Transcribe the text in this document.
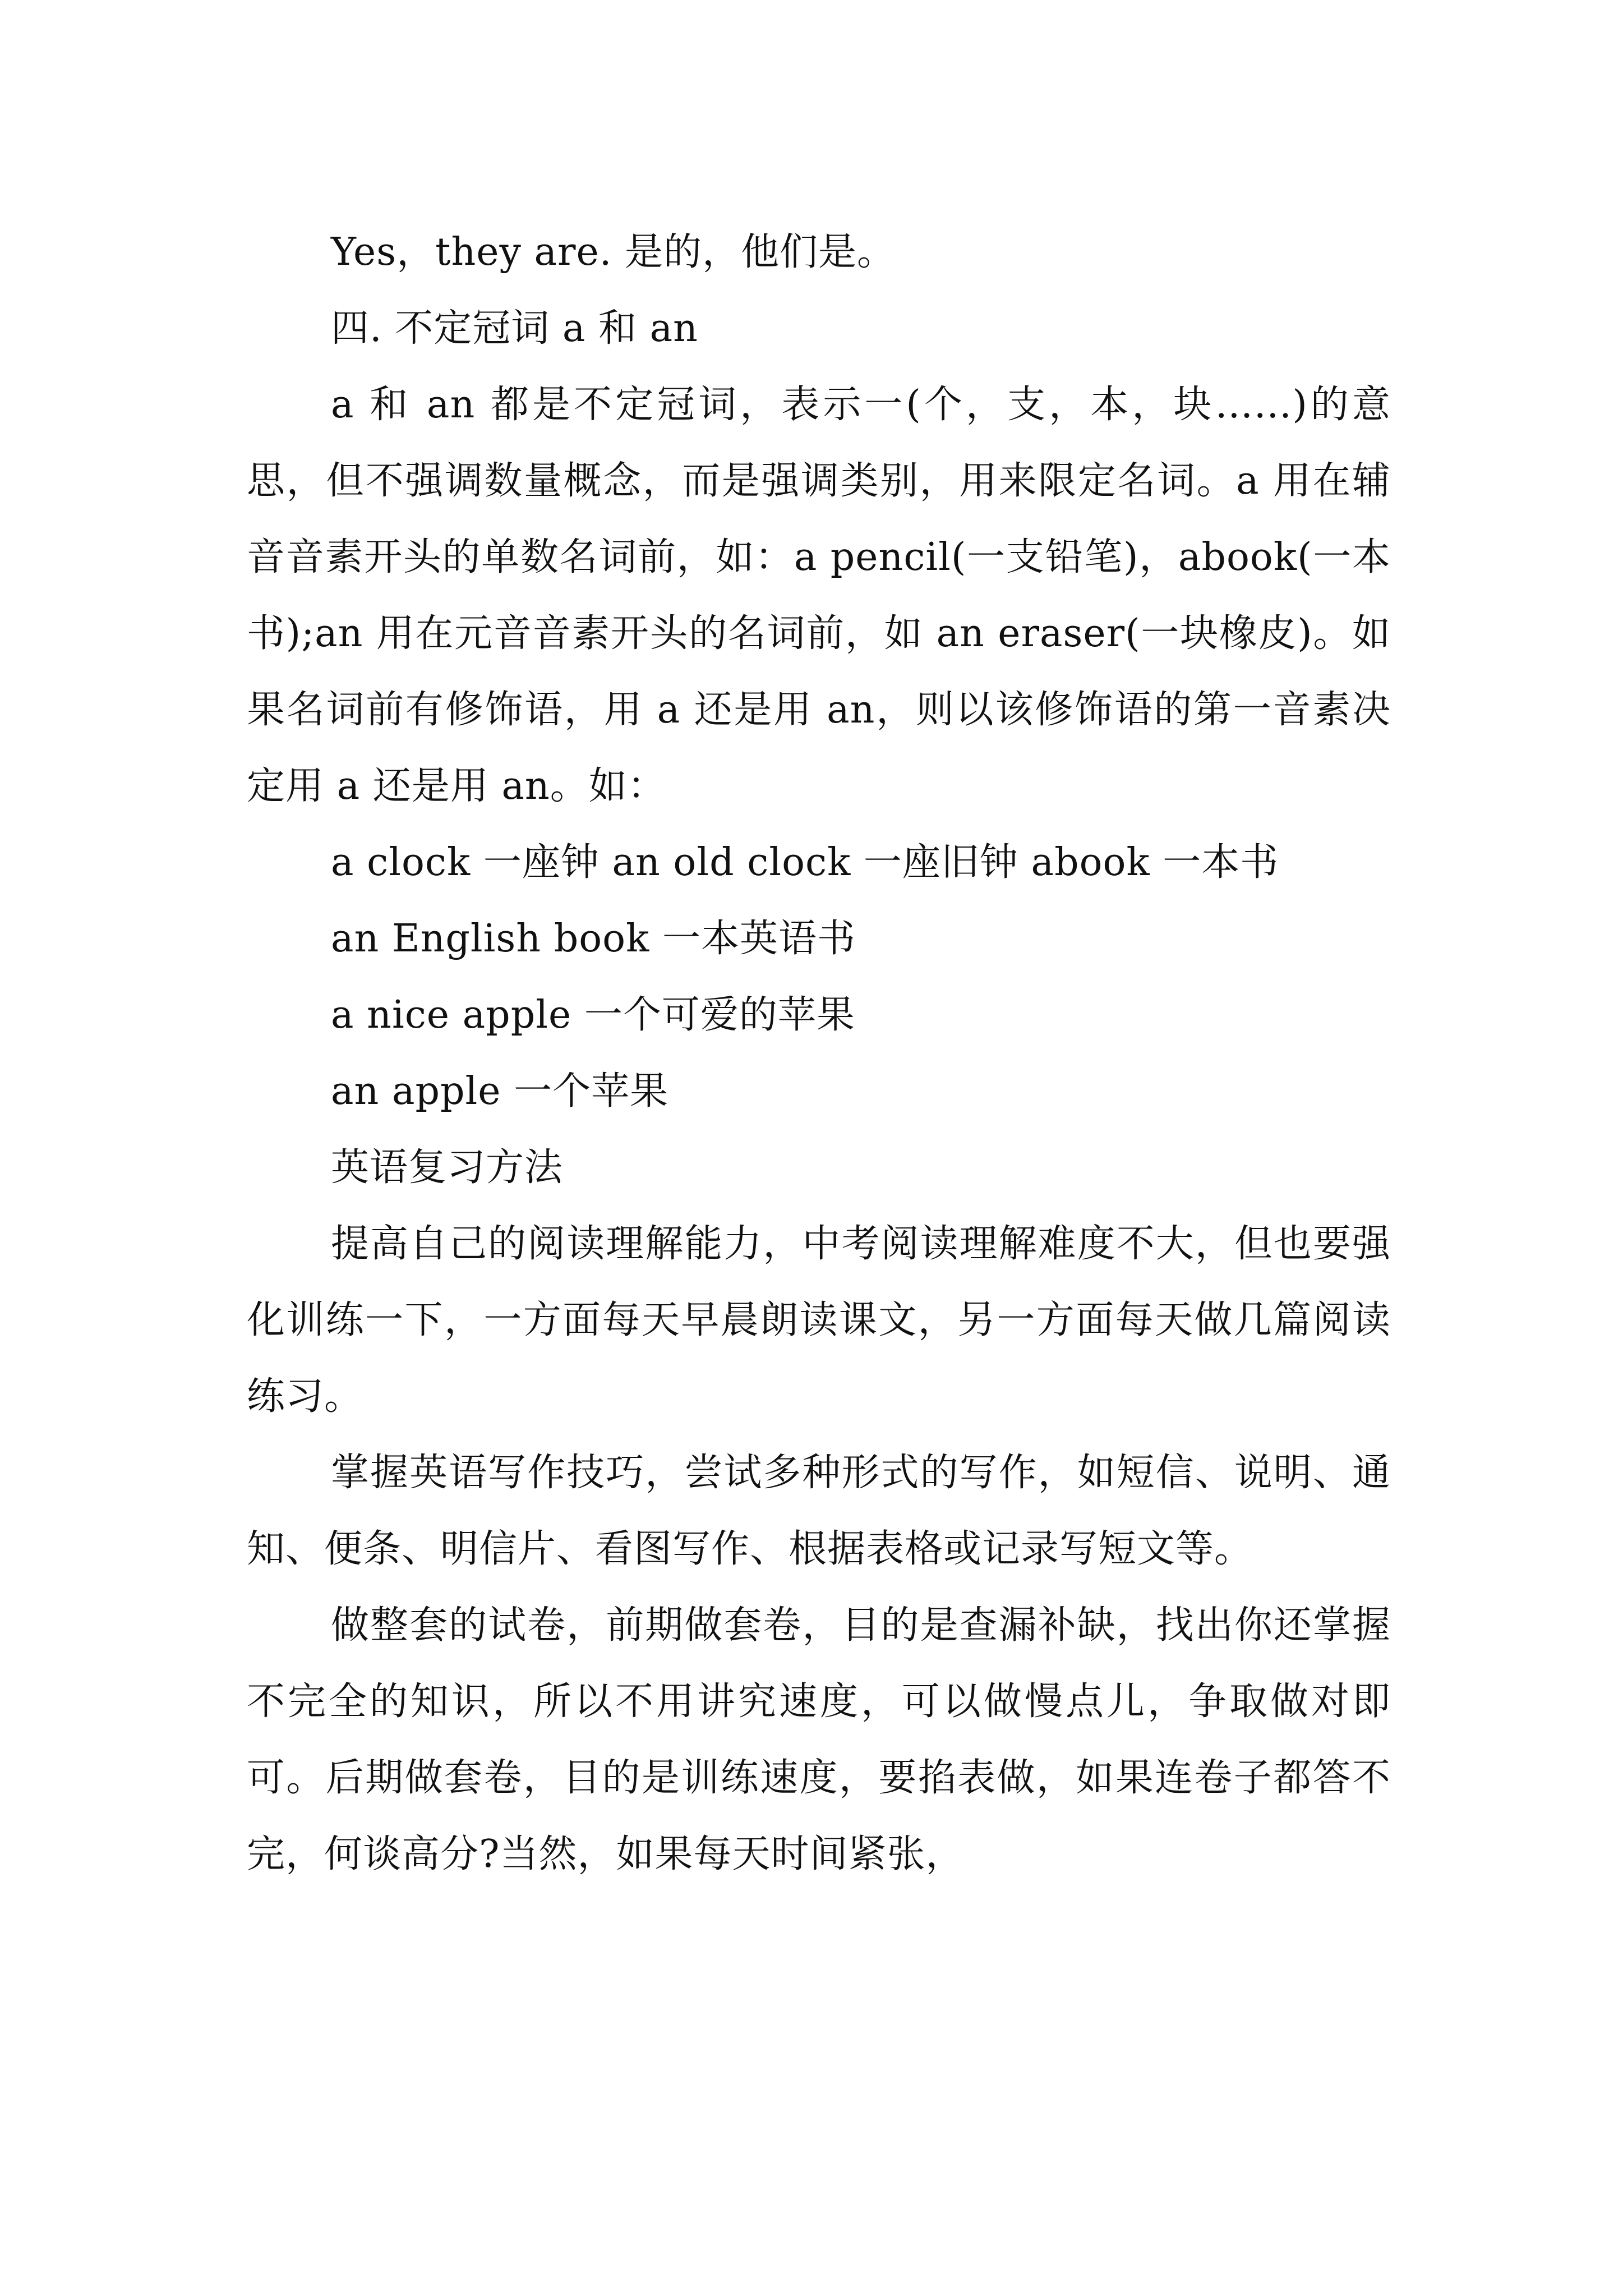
Yes，they are. 是的，他们是。

四. 不定冠词 a 和 an

a 和 an 都是不定冠词，表示一(个，支，本，块……)的意思，但不强调数量概念，而是强调类别，用来限定名词。a 用在辅音音素开头的单数名词前，如：a pencil(一支铅笔)，abook(一本书);an 用在元音音素开头的名词前，如 an eraser(一块橡皮)。如果名词前有修饰语，用 a 还是用 an，则以该修饰语的第一音素决定用 a 还是用 an。如：

a clock 一座钟 an old clock 一座旧钟 abook 一本书

an English book 一本英语书

a nice apple 一个可爱的苹果

an apple 一个苹果

英语复习方法

提高自己的阅读理解能力，中考阅读理解难度不大，但也要强化训练一下，一方面每天早晨朗读课文，另一方面每天做几篇阅读练习。

掌握英语写作技巧，尝试多种形式的写作，如短信、说明、通知、便条、明信片、看图写作、根据表格或记录写短文等。

做整套的试卷，前期做套卷，目的是查漏补缺，找出你还掌握不完全的知识，所以不用讲究速度，可以做慢点儿，争取做对即可。后期做套卷，目的是训练速度，要掐表做，如果连卷子都答不完，何谈高分?当然，如果每天时间紧张，
